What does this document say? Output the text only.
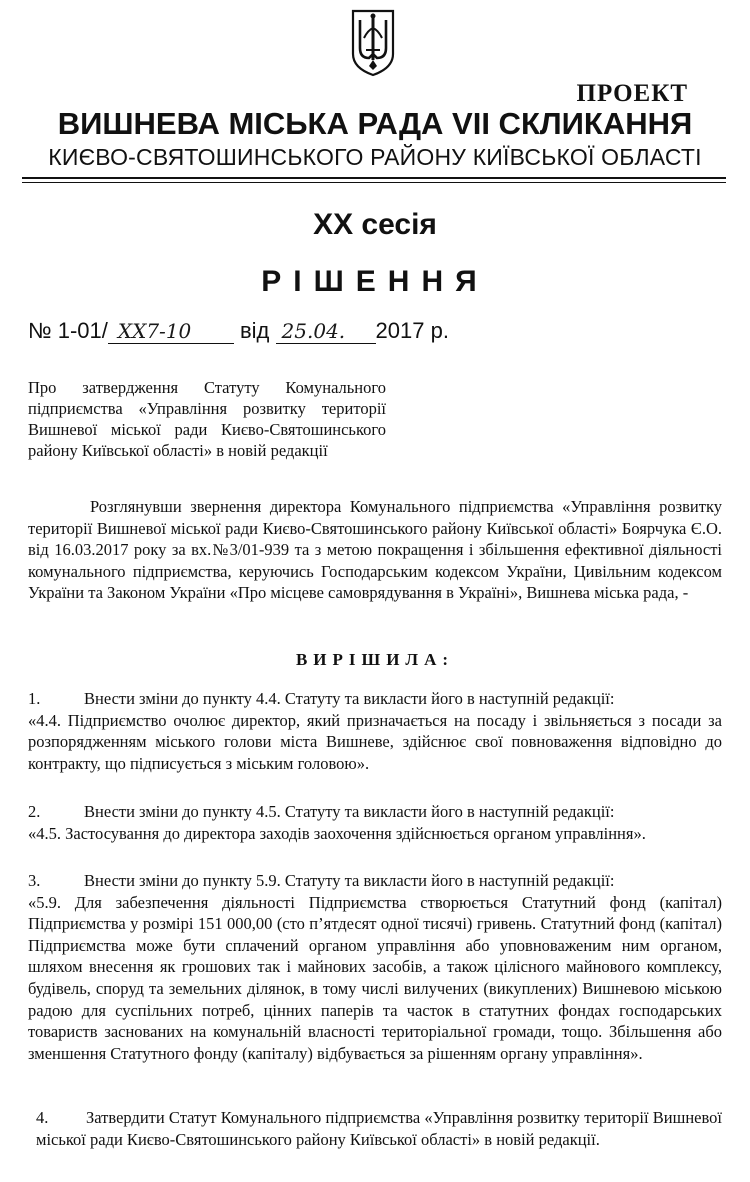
ПРОЕКТ
ВИШНЕВА МІСЬКА РАДА VII СКЛИКАННЯ
КИЄВО-СВЯТОШИНСЬКОГО РАЙОНУ КИЇВСЬКОЇ ОБЛАСТІ
XX сесія
РІШЕННЯ
№ 1-01/ XX7-10 від 25.04. 2017 р.

Про затвердження Статуту Комунального підприємства «Управління розвитку території Вишневої міської ради Києво-Святошинського району Київської області» в новій редакції

Розглянувши звернення директора Комунального підприємства «Управління розвитку території Вишневої міської ради Києво-Святошинського району Київської області» Боярчука Є.О. від 16.03.2017 року за вх.№3/01-939 та з метою покращення і збільшення ефективної діяльності комунального підприємства, керуючись Господарським кодексом України, Цивільним кодексом України та Законом України «Про місцеве самоврядування в Україні», Вишнева міська рада, -

ВИРІШИЛА:

1.	Внести зміни до пункту 4.4. Статуту та викласти його в наступній редакції:

«4.4. Підприємство очолює директор, який призначається на посаду і звільняється з посади за розпорядженням міського голови міста Вишневе, здійснює свої повноваження відповідно до контракту, що підписується з міським головою».

2.	Внести зміни до пункту 4.5. Статуту та викласти його в наступній редакції:

«4.5. Застосування до директора заходів заохочення здійснюється органом управління».

3.	Внести зміни до пункту 5.9. Статуту та викласти його в наступній редакції:

«5.9. Для забезпечення діяльності Підприємства створюється Статутний фонд (капітал) Підприємства у розмірі 151 000,00 (сто п’ятдесят одної тисячі) гривень. Статутний фонд (капітал) Підприємства може бути сплачений органом управління або уповноваженим ним органом, шляхом внесення як грошових так і майнових засобів, а також цілісного майнового комплексу, будівель, споруд та земельних ділянок, в тому числі вилучених (викуплених) Вишневою міською радою для суспільних потреб, цінних паперів та часток в статутних фондах господарських товариств заснованих на комунальній власності територіальної громади, тощо. Збільшення або зменшення Статутного фонду (капіталу) відбувається за рішенням органу управління».

4. Затвердити Статут Комунального підприємства «Управління розвитку території Вишневої міської ради Києво-Святошинського району Київської області» в новій редакції.
